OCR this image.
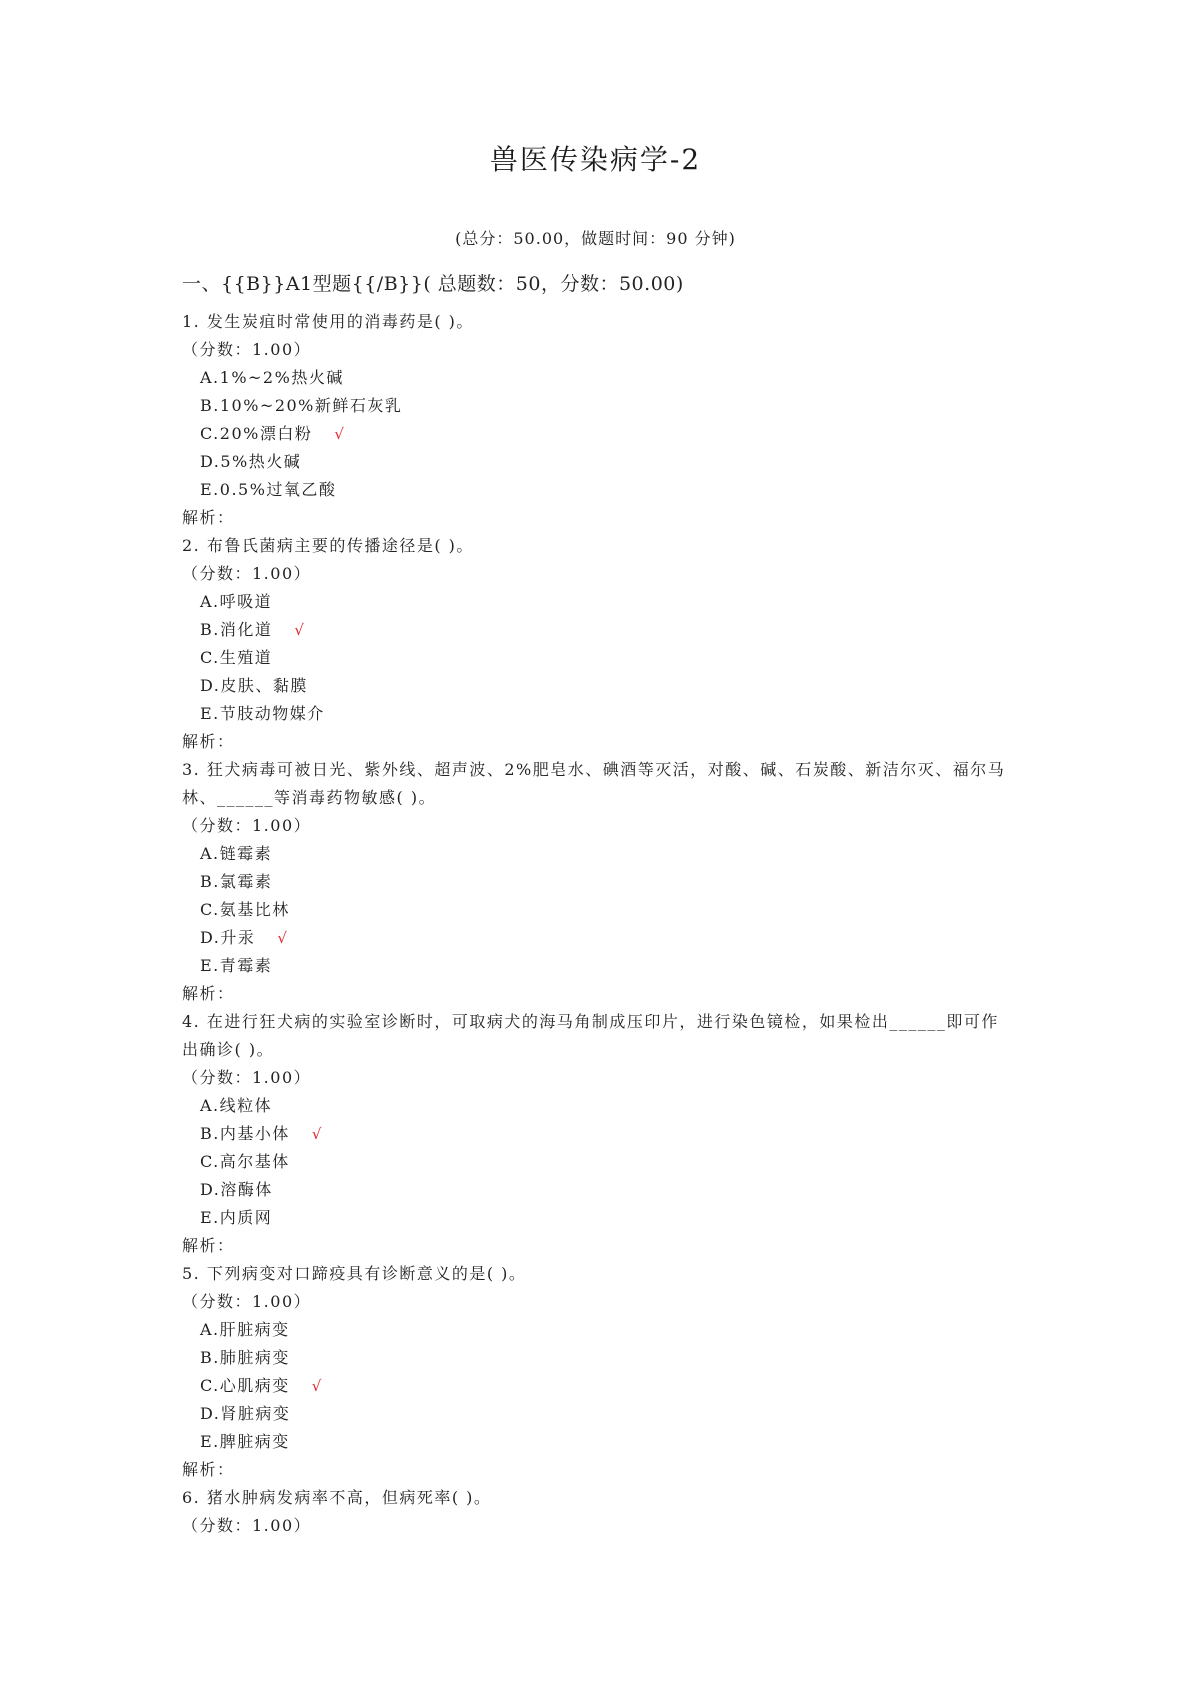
兽医传染病学-2
(总分：50.00，做题时间：90 分钟)
一、{{B}}A1型题{{/B}}( 总题数：50，分数：50.00)
1. 发生炭疽时常使用的消毒药是( )。
（分数：1.00）
A.1%~2%热火碱
B.10%~20%新鲜石灰乳
C.20%漂白粉 √
D.5%热火碱
E.0.5%过氧乙酸
解析：
2. 布鲁氏菌病主要的传播途径是( )。
（分数：1.00）
A.呼吸道
B.消化道 √
C.生殖道
D.皮肤、黏膜
E.节肢动物媒介
解析：
3. 狂犬病毒可被日光、紫外线、超声波、2%肥皂水、碘酒等灭活，对酸、碱、石炭酸、新洁尔灭、福尔马林、______等消毒药物敏感( )。
（分数：1.00）
A.链霉素
B.氯霉素
C.氨基比林
D.升汞 √
E.青霉素
解析：
4. 在进行狂犬病的实验室诊断时，可取病犬的海马角制成压印片，进行染色镜检，如果检出______即可作出确诊( )。
（分数：1.00）
A.线粒体
B.内基小体 √
C.高尔基体
D.溶酶体
E.内质网
解析：
5. 下列病变对口蹄疫具有诊断意义的是( )。
（分数：1.00）
A.肝脏病变
B.肺脏病变
C.心肌病变 √
D.肾脏病变
E.脾脏病变
解析：
6. 猪水肿病发病率不高，但病死率( )。
（分数：1.00）
